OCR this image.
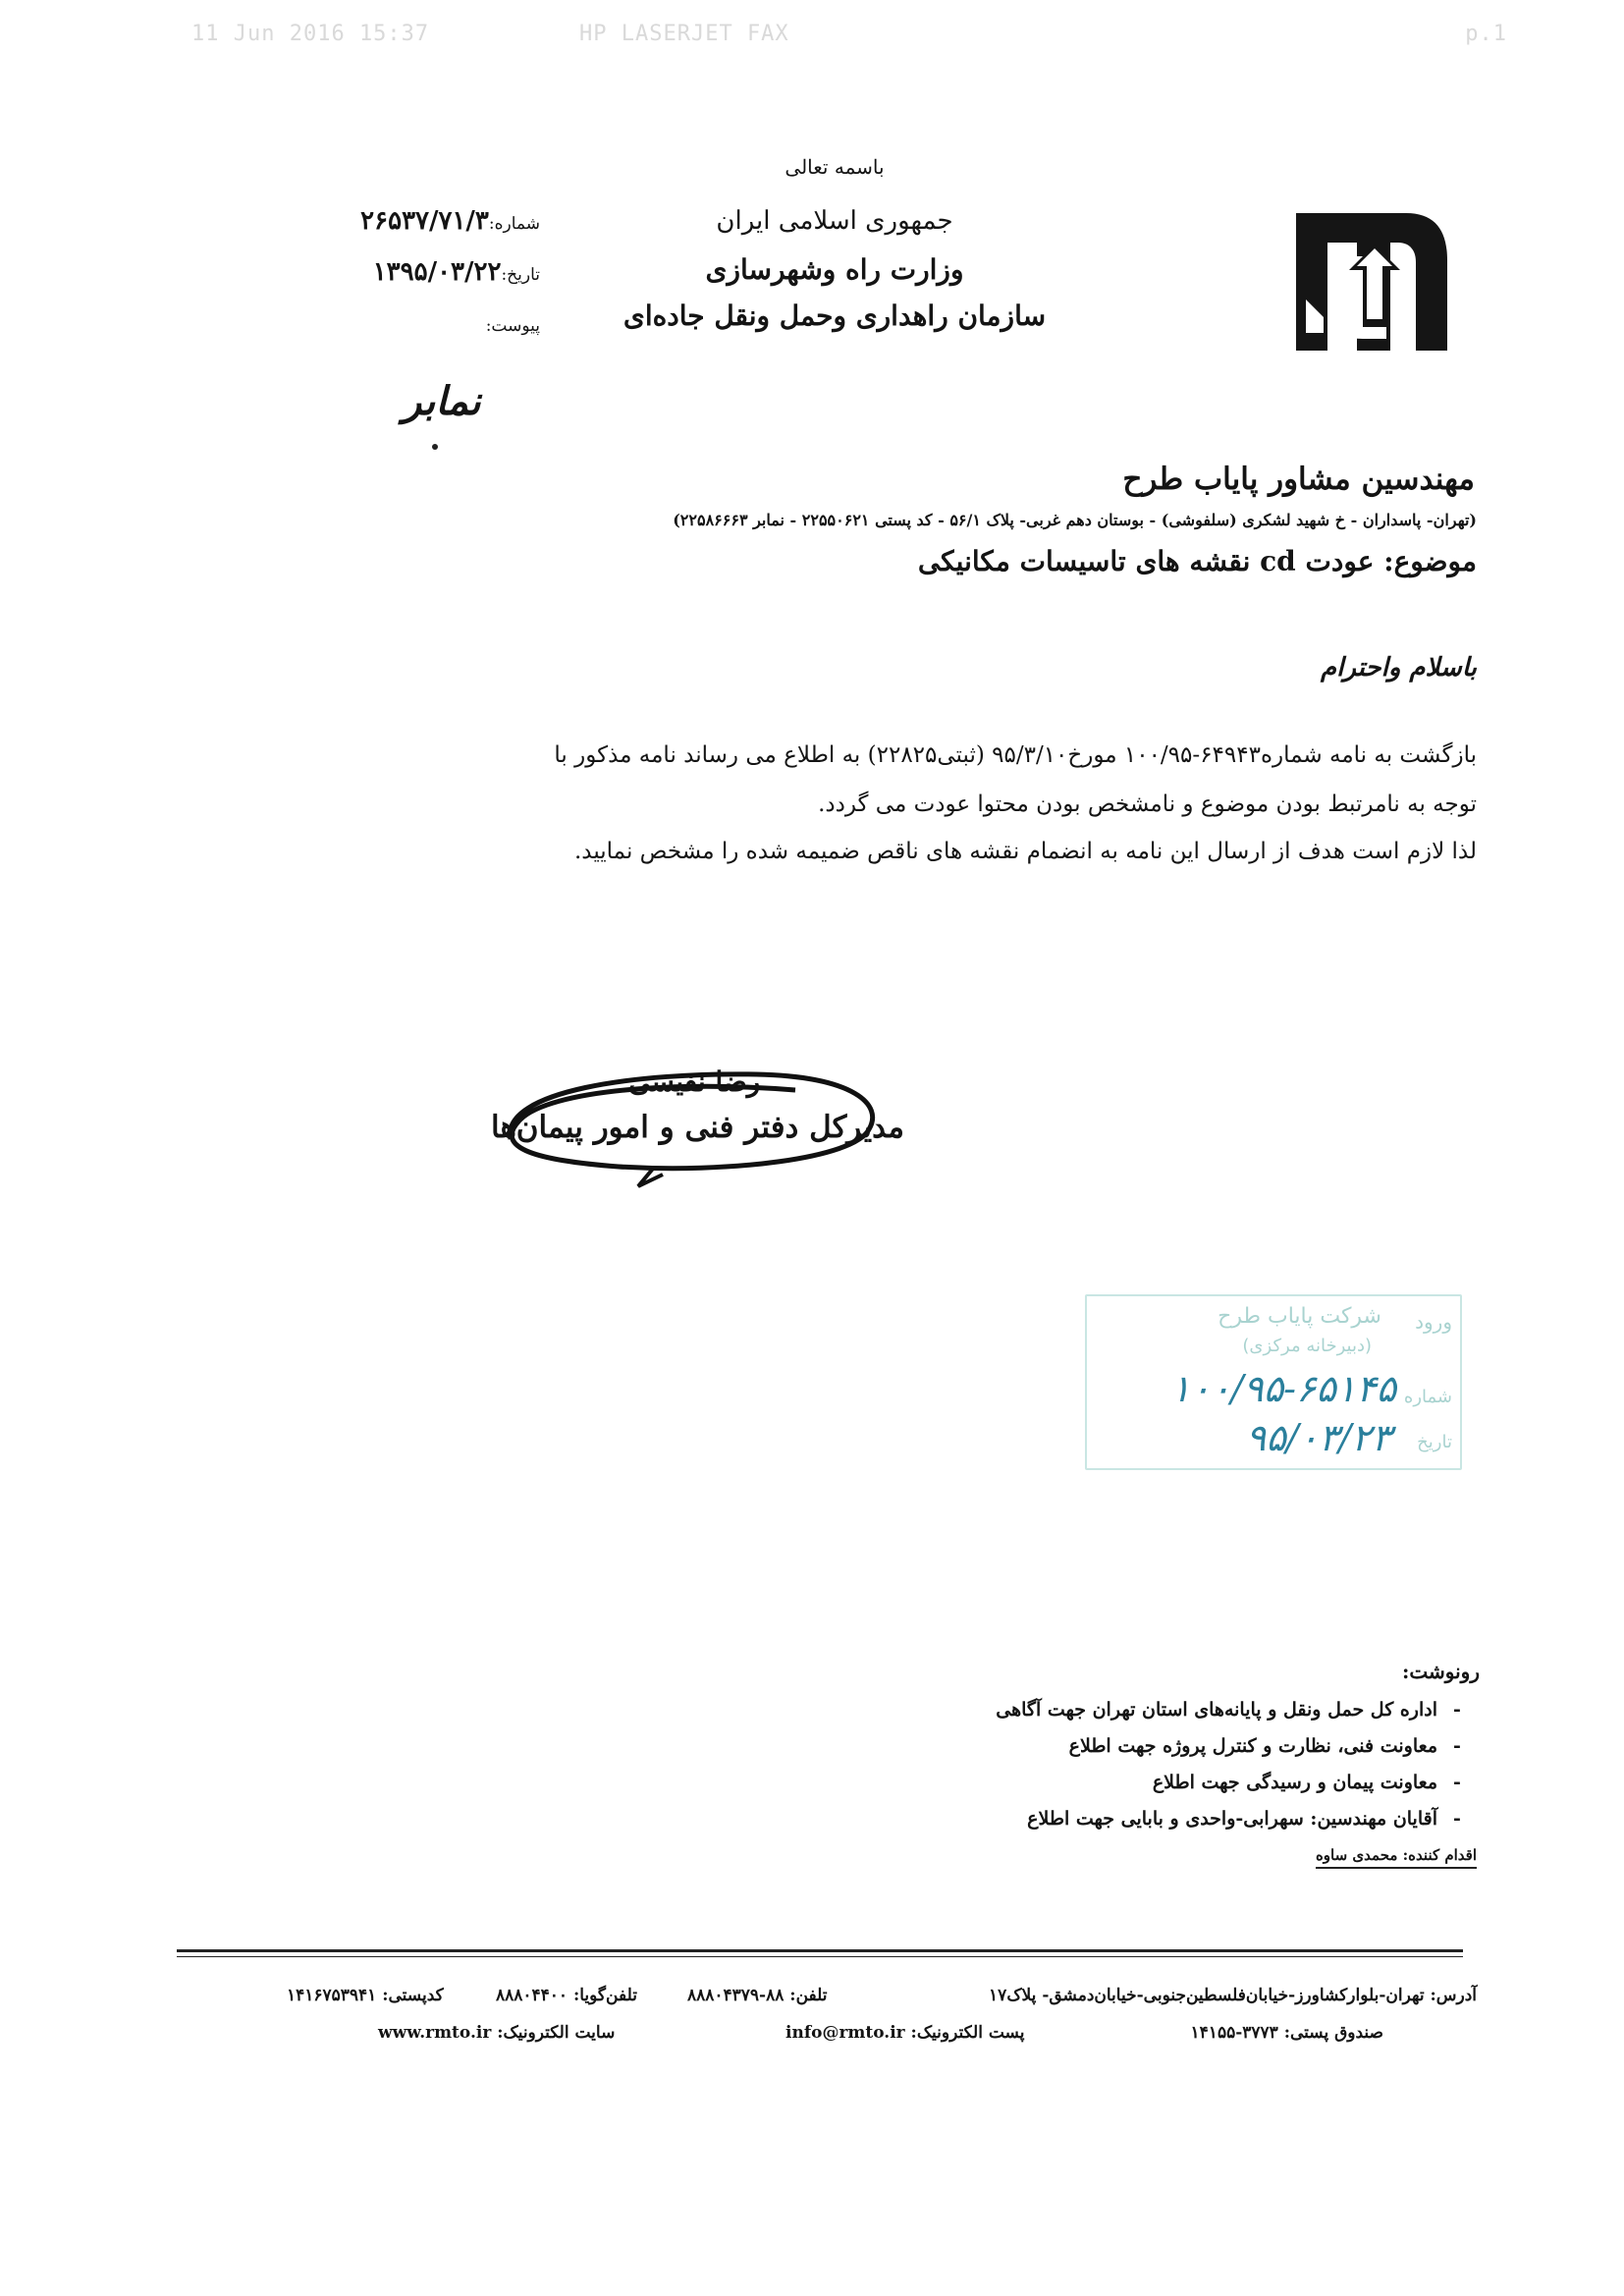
11 Jun 2016 15:37	HP LASERJET FAX	p.1
باسمه تعالی
جمهوری اسلامی ایران
وزارت راه وشهرسازی
سازمان راهداری وحمل ونقل جاده‌ای
شماره:۲۶۵۳۷/۷۱/۳
تاریخ:۱۳۹۵/۰۳/۲۲
پیوست:
نمابر
مهندسین مشاور پایاب طرح
(تهران- پاسداران - خ شهید لشکری (سلفوشی) - بوستان دهم غربی- پلاک ۵۶/۱ - کد پستی ۲۲۵۵۰۶۲۱ - نمابر ۲۲۵۸۶۶۶۳)
موضوع: عودت cd نقشه های تاسیسات مکانیکی
باسلام واحترام
بازگشت به نامه شماره۶۴۹۴۳-۱۰۰/۹۵ مورخ۹۵/۳/۱۰ (ثبتی۲۲۸۲۵) به اطلاع می رساند نامه مذکور با
توجه به نامرتبط بودن موضوع و نامشخص بودن محتوا عودت می گردد.
لذا لازم است هدف از ارسال این نامه به انضمام نقشه های ناقص ضمیمه شده را مشخص نمایید.
رضا نفیسی
مدیرکل دفتر فنی و امور پیمان‌ها
ورود
شرکت پایاب طرح
(دبیرخانه مرکزی)
شماره
۱۰۰/۹۵-۶۵۱۴۵
تاریخ
۹۵/۰۳/۲۳
رونوشت:
-اداره کل حمل ونقل و پایانه‌های استان تهران جهت آگاهی
-معاونت فنی، نظارت و کنترل پروژه جهت اطلاع
-معاونت پیمان و رسیدگی جهت اطلاع
-آقایان مهندسین: سهرابی-واحدی و بابایی جهت اطلاع
اقدام کننده: محمدی ساوه
آدرس: تهران-بلوارکشاورز-خیابان‌فلسطین‌جنوبی-خیابان‌دمشق- پلاک۱۷
تلفن: ۸۸-۸۸۸۰۴۳۷۹
تلفن‌گویا: ۸۸۸۰۴۴۰۰
کدپستی: ۱۴۱۶۷۵۳۹۴۱
صندوق پستی: ۳۷۷۳-۱۴۱۵۵
پست الکترونیک: info@rmto.ir
سایت الکترونیک: www.rmto.ir
